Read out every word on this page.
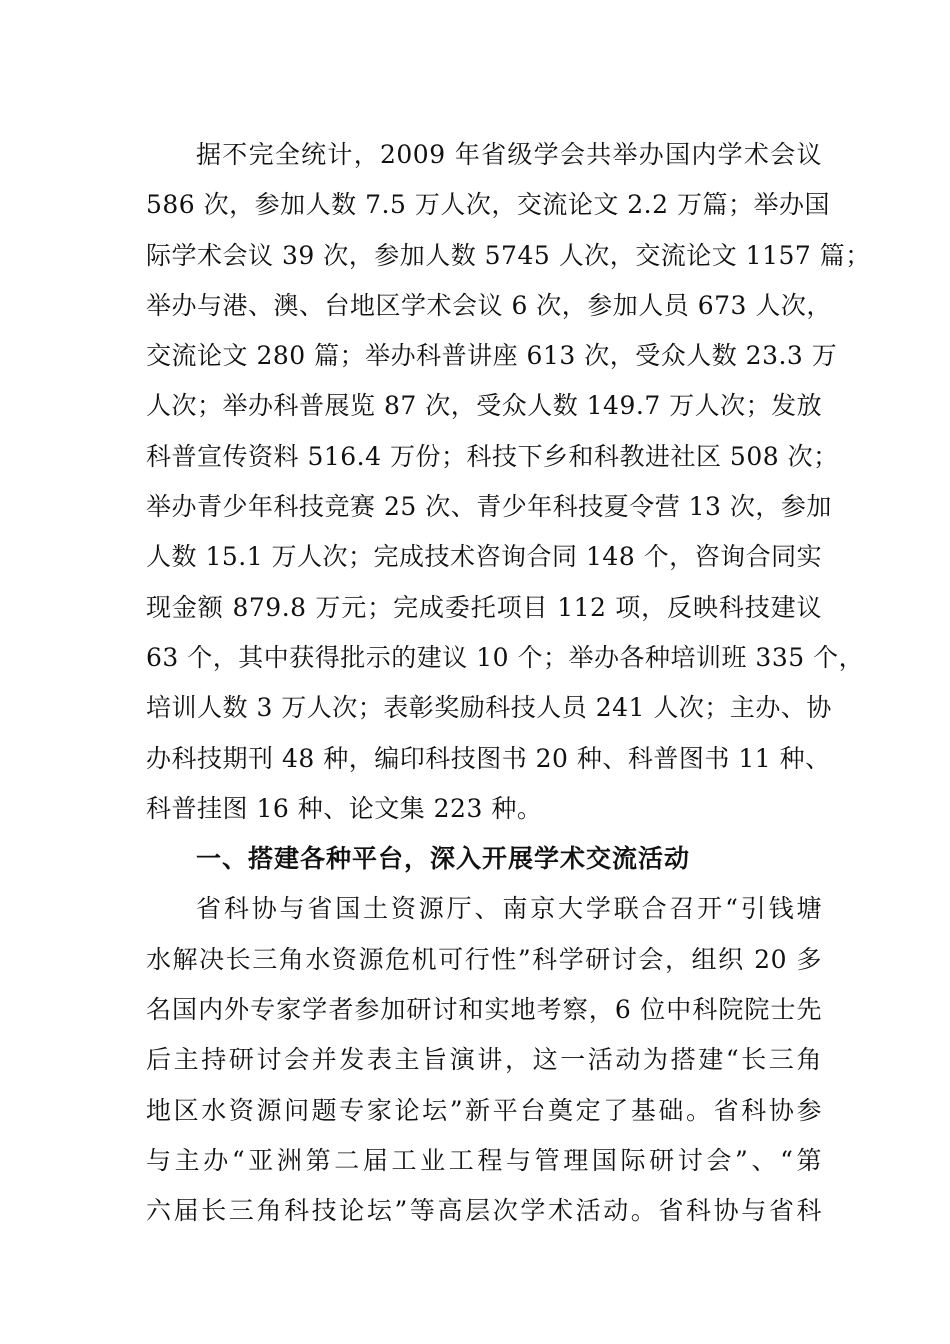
据不完全统计，2009 年省级学会共举办国内学术会议
586 次，参加人数 7.5 万人次，交流论文 2.2 万篇；举办国
际学术会议 39 次，参加人数 5745 人次，交流论文 1157 篇；
举办与港、澳、台地区学术会议 6 次，参加人员 673 人次，
交流论文 280 篇；举办科普讲座 613 次，受众人数 23.3 万
人次；举办科普展览 87 次，受众人数 149.7 万人次；发放
科普宣传资料 516.4 万份；科技下乡和科教进社区 508 次；
举办青少年科技竞赛 25 次、青少年科技夏令营 13 次，参加
人数 15.1 万人次；完成技术咨询合同 148 个，咨询合同实
现金额 879.8 万元；完成委托项目 112 项，反映科技建议
63 个，其中获得批示的建议 10 个；举办各种培训班 335 个，
培训人数 3 万人次；表彰奖励科技人员 241 人次；主办、协
办科技期刊 48 种，编印科技图书 20 种、科普图书 11 种、
科普挂图 16 种、论文集 223 种。
一、搭建各种平台，深入开展学术交流活动
省科协与省国土资源厅、南京大学联合召开“引钱塘
水解决长三角水资源危机可行性”科学研讨会，组织 20 多
名国内外专家学者参加研讨和实地考察，6 位中科院院士先
后主持研讨会并发表主旨演讲，这一活动为搭建“长三角
地区水资源问题专家论坛”新平台奠定了基础。省科协参
与主办“亚洲第二届工业工程与管理国际研讨会”、“第
六届长三角科技论坛”等高层次学术活动。省科协与省科
